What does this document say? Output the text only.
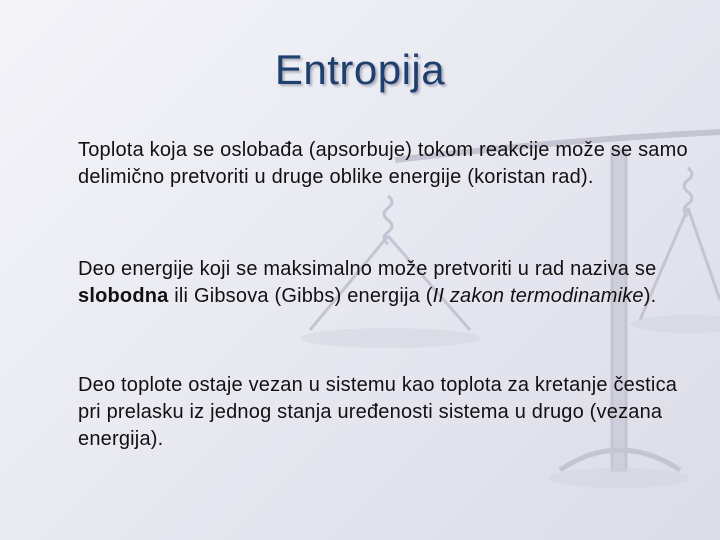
Entropija
Toplota koja se oslobađa (apsorbuje) tokom reakcije može se samo delimično pretvoriti u druge oblike energije (koristan rad).
Deo energije koji se maksimalno može pretvoriti u rad naziva se slobodna ili Gibsova (Gibbs) energija (II zakon termodinamike).
Deo toplote ostaje vezan u sistemu kao toplota za kretanje čestica pri prelasku iz jednog stanja uređenosti sistema u drugo (vezana energija).
